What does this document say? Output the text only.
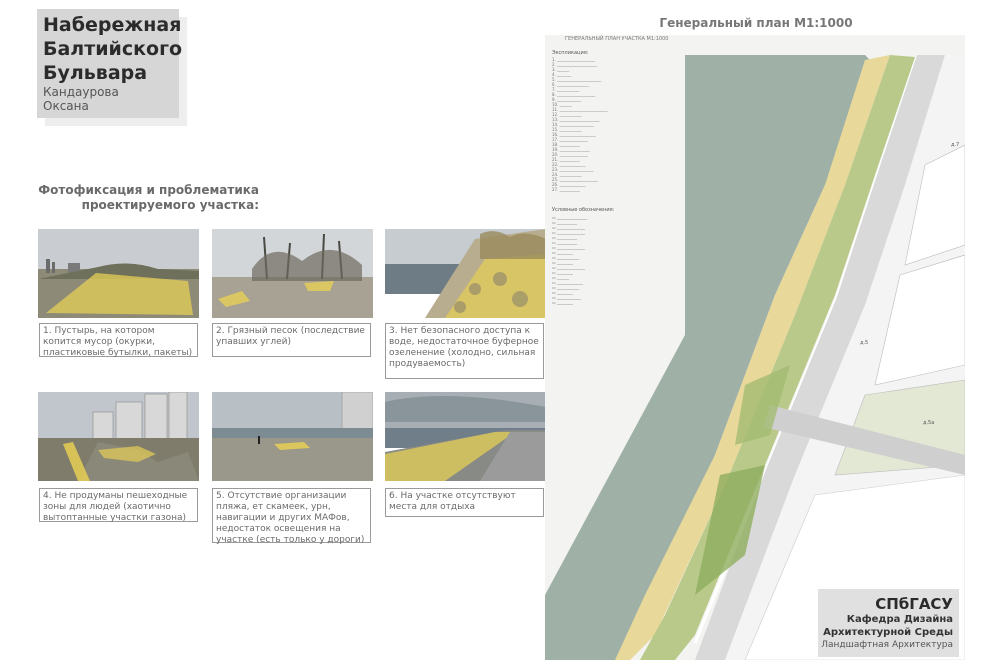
Набережная
Балтийского
Бульвара
Кандаурова
Оксана
Фотофиксация и проблематика
проектируемого участка:
1. Пустырь, на котором копится мусор (окурки, пластиковые бутылки, пакеты)
2. Грязный песок (последствие упавших углей)
3. Нет безопасного доступа к воде, недостаточное буферное озеленение (холодно, сильная продуваемость)
4. Не продуманы пешеходные зоны для людей (хаотично вытоптанные участки газона)
5. Отсутствие организации пляжа, ет скамеек, урн, навигации и других МАФов, недостаток освещения на участке (есть только у дороги)
6. На участке отсутствуют места для отдыха
Генеральный план М1:1000
ГЕНЕРАЛЬНЫЙ ПЛАН УЧАСТКА М1:1000
Экспликация:
1. ___________________
2. ____________________
3. ______
4. _______
5. ______________________
6. ________________
7. ___________
8. ___________________
9. ____________
10. ______
11. ________________________
12. ___________
13. ____________________
14. _________________
15. ___________
16. __________________
17. ______________
18. __________
19. _______________
20. ______________
21. __________
22. _____________
23. _________________
24. ___________
25. ___________________
26. _____________
27. __________
Условные обозначения:
▭ _______________
▭ __________
▭ ______________
▭ ______________
▭ __________
▭ __________
▭ ______________
▭ ________
▭ ___________
▭ ________
▭ ______________
▭ ________
▭ ______
▭ _____________
▭ ___________
▭ ________
▭ ____________
▭ ________
д.7
д.5
д.5а
СПбГАСУ
Кафедра Дизайна
Архитектурной Среды
Ландшафтная Архитектура
